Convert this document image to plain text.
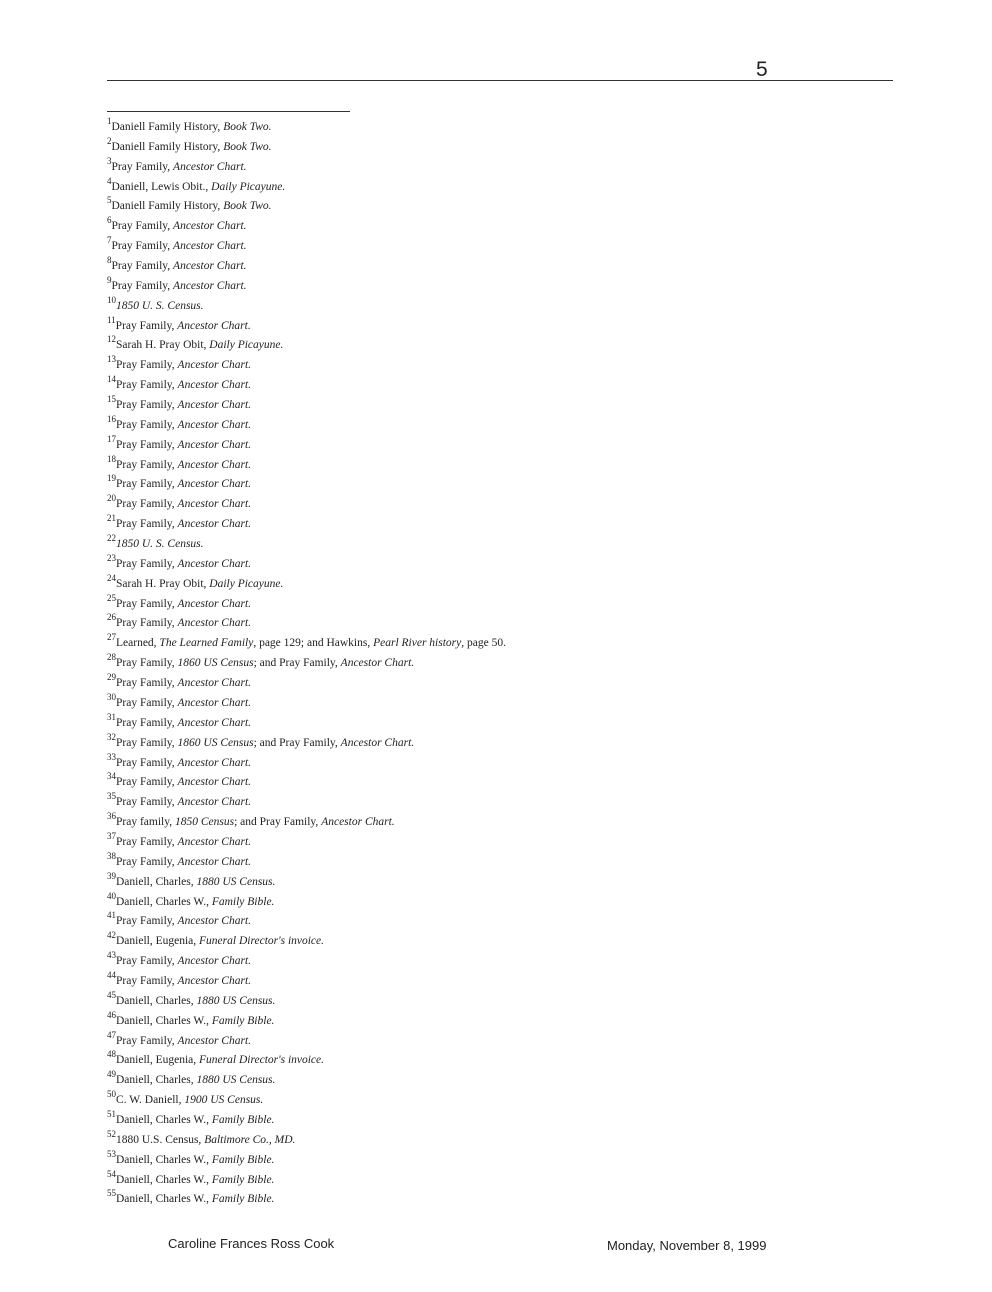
5
$^1$Daniell Family History, Book Two.
$^2$Daniell Family History, Book Two.
$^3$Pray Family, Ancestor Chart.
$^4$Daniell, Lewis Obit., Daily Picayune.
$^5$Daniell Family History, Book Two.
$^6$Pray Family, Ancestor Chart.
$^7$Pray Family, Ancestor Chart.
$^8$Pray Family, Ancestor Chart.
$^9$Pray Family, Ancestor Chart.
$^{10}$1850 U. S. Census.
$^{11}$Pray Family, Ancestor Chart.
$^{12}$Sarah H. Pray Obit, Daily Picayune.
$^{13}$Pray Family, Ancestor Chart.
$^{14}$Pray Family, Ancestor Chart.
$^{15}$Pray Family, Ancestor Chart.
$^{16}$Pray Family, Ancestor Chart.
$^{17}$Pray Family, Ancestor Chart.
$^{18}$Pray Family, Ancestor Chart.
$^{19}$Pray Family, Ancestor Chart.
$^{20}$Pray Family, Ancestor Chart.
$^{21}$Pray Family, Ancestor Chart.
$^{22}$1850 U. S. Census.
$^{23}$Pray Family, Ancestor Chart.
$^{24}$Sarah H. Pray Obit, Daily Picayune.
$^{25}$Pray Family, Ancestor Chart.
$^{26}$Pray Family, Ancestor Chart.
$^{27}$Learned, The Learned Family, page 129; and Hawkins, Pearl River history, page 50.
$^{28}$Pray Family, 1860 US Census; and Pray Family, Ancestor Chart.
$^{29}$Pray Family, Ancestor Chart.
$^{30}$Pray Family, Ancestor Chart.
$^{31}$Pray Family, Ancestor Chart.
$^{32}$Pray Family, 1860 US Census; and Pray Family, Ancestor Chart.
$^{33}$Pray Family, Ancestor Chart.
$^{34}$Pray Family, Ancestor Chart.
$^{35}$Pray Family, Ancestor Chart.
$^{36}$Pray family, 1850 Census; and Pray Family, Ancestor Chart.
$^{37}$Pray Family, Ancestor Chart.
$^{38}$Pray Family, Ancestor Chart.
$^{39}$Daniell, Charles, 1880 US Census.
$^{40}$Daniell, Charles W., Family Bible.
$^{41}$Pray Family, Ancestor Chart.
$^{42}$Daniell, Eugenia, Funeral Director's invoice.
$^{43}$Pray Family, Ancestor Chart.
$^{44}$Pray Family, Ancestor Chart.
$^{45}$Daniell, Charles, 1880 US Census.
$^{46}$Daniell, Charles W., Family Bible.
$^{47}$Pray Family, Ancestor Chart.
$^{48}$Daniell, Eugenia, Funeral Director's invoice.
$^{49}$Daniell, Charles, 1880 US Census.
$^{50}$C. W. Daniell, 1900 US Census.
$^{51}$Daniell, Charles W., Family Bible.
$^{52}$1880 U.S. Census, Baltimore Co., MD.
$^{53}$Daniell, Charles W., Family Bible.
$^{54}$Daniell, Charles W., Family Bible.
$^{55}$Daniell, Charles W., Family Bible.
Caroline Frances Ross Cook	Monday, November 8, 1999
